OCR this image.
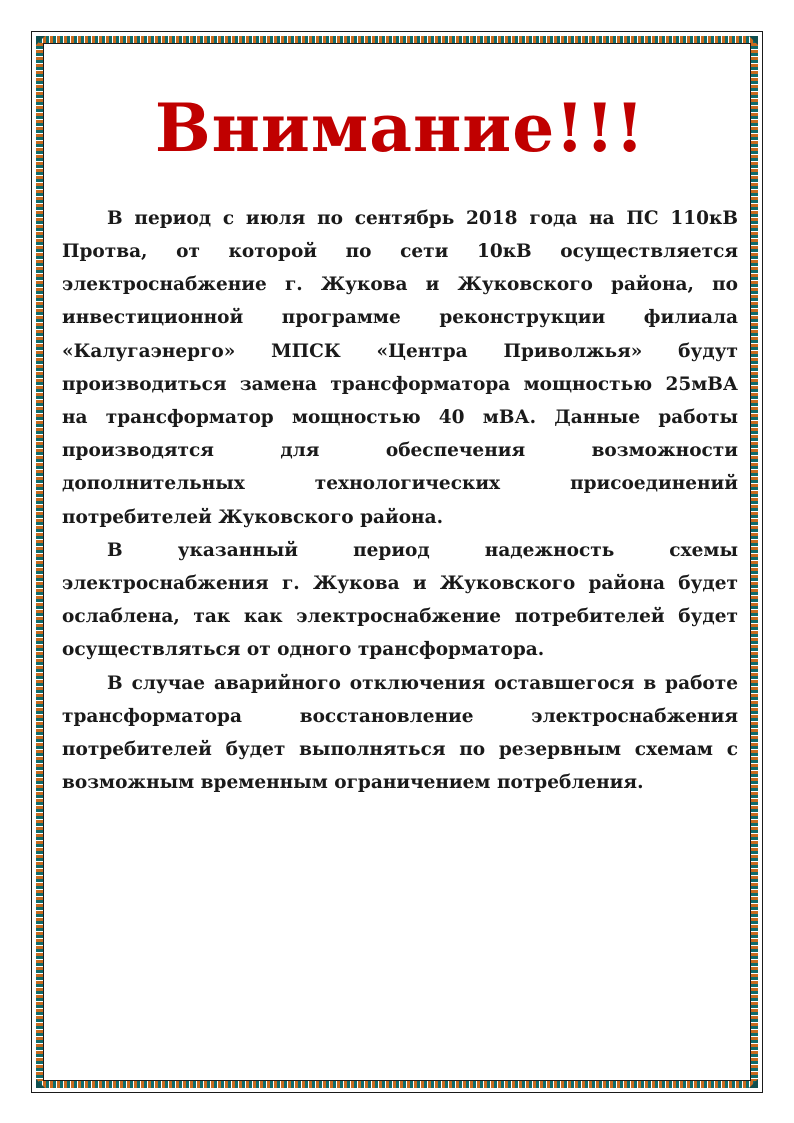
Внимание!!!

В период с июля по сентябрь 2018 года на ПС 110кВ Протва, от которой по сети 10кВ осуществляется электроснабжение г. Жукова и Жуковского района, по инвестиционной программе реконструкции филиала «Калугаэнерго» МПСК «Центра Приволжья» будут производиться замена трансформатора мощностью 25мВА на трансформатор мощностью 40 мВА. Данные работы производятся для обеспечения возможности дополнительных технологических присоединений потребителей Жуковского района.

В указанный период надежность схемы электроснабжения г. Жукова и Жуковского района будет ослаблена, так как электроснабжение потребителей будет осуществляться от одного трансформатора.

В случае аварийного отключения оставшегося в работе трансформатора восстановление электроснабжения потребителей будет выполняться по резервным схемам с возможным временным ограничением потребления.
